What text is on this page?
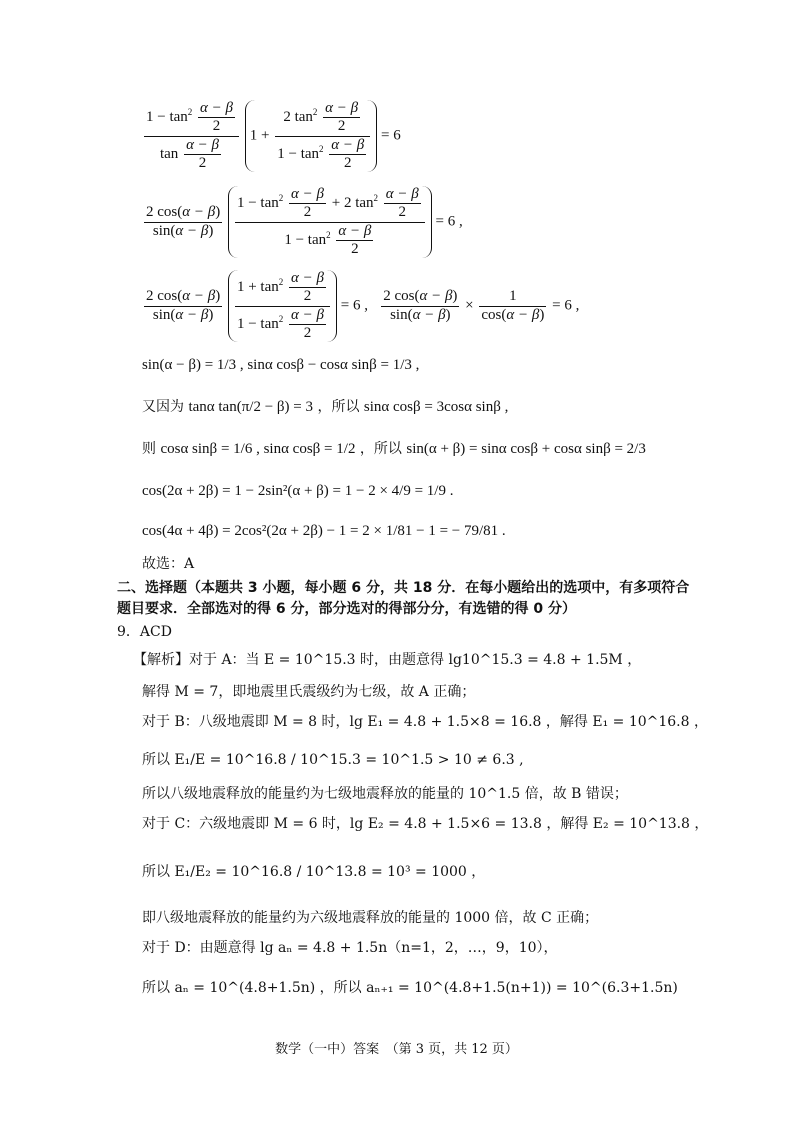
$\frac{1 - \tan^2 \frac{\alpha - \beta}{2}}{\tan \frac{\alpha - \beta}{2}} 1 + \frac{2 \tan^2 \frac{\alpha - \beta}{2}}{1 - \tan^2 \frac{\alpha - \beta}{2}} = 6$
$\frac{2 \cos(\alpha - \beta)}{\sin(\alpha - \beta)}$
$\frac{1 - \tan^2 \frac{\alpha - \beta}{2} + 2 \tan^2 \frac{\alpha - \beta}{2}}{1 - \tan^2 \frac{\alpha - \beta}{2}} = 6$ ,
$\frac{2 \cos(\alpha - \beta)}{\sin(\alpha - \beta)}$
$\frac{1 + \tan^2 \frac{\alpha - \beta}{2}}{1 - \tan^2 \frac{\alpha - \beta}{2}} = 6$ , $\frac{2 \cos(\alpha - \beta)}{\sin(\alpha - \beta)} \times \frac{1}{\cos(\alpha - \beta)} = 6$ ,
sin(α − β) = 1/3 , sinα cosβ − cosα sinβ = 1/3 ,
又因为 tanα tan(π/2 − β) = 3 ，所以 sinα cosβ = 3cosα sinβ ,
则 cosα sinβ = 1/6 , sinα cosβ = 1/2 ，所以 sin(α + β) = sinα cosβ + cosα sinβ = 2/3
cos(2α + 2β) = 1 − 2sin²(α + β) = 1 − 2 × 4/9 = 1/9 .
cos(4α + 4β) = 2cos²(2α + 2β) − 1 = 2 × 1/81 − 1 = − 79/81 .
故选：A
二、选择题（本题共 3 小题，每小题 6 分，共 18 分．在每小题给出的选项中，有多项符合
题目要求．全部选对的得 6 分，部分选对的得部分分，有选错的得 0 分）
9．ACD
【解析】对于 A：当 E = 10^15.3 时，由题意得 lg10^15.3 = 4.8 + 1.5M ，
解得 M = 7，即地震里氏震级约为七级，故 A 正确；
对于 B：八级地震即 M = 8 时，lg E₁ = 4.8 + 1.5×8 = 16.8 ，解得 E₁ = 10^16.8 ，
所以 E₁/E = 10^16.8 / 10^15.3 = 10^1.5 > 10 ≠ 6.3 ,
所以八级地震释放的能量约为七级地震释放的能量的 10^1.5 倍，故 B 错误；
对于 C：六级地震即 M = 6 时，lg E₂ = 4.8 + 1.5×6 = 13.8 ，解得 E₂ = 10^13.8 ，
所以 E₁/E₂ = 10^16.8 / 10^13.8 = 10³ = 1000 ，
即八级地震释放的能量约为六级地震释放的能量的 1000 倍，故 C 正确；
对于 D：由题意得 lg aₙ = 4.8 + 1.5n（n=1，2，…，9，10），
所以 aₙ = 10^(4.8+1.5n) ，所以 aₙ₊₁ = 10^(4.8+1.5(n+1)) = 10^(6.3+1.5n)
数学（一中）答案　（第 3 页，共 12 页）
